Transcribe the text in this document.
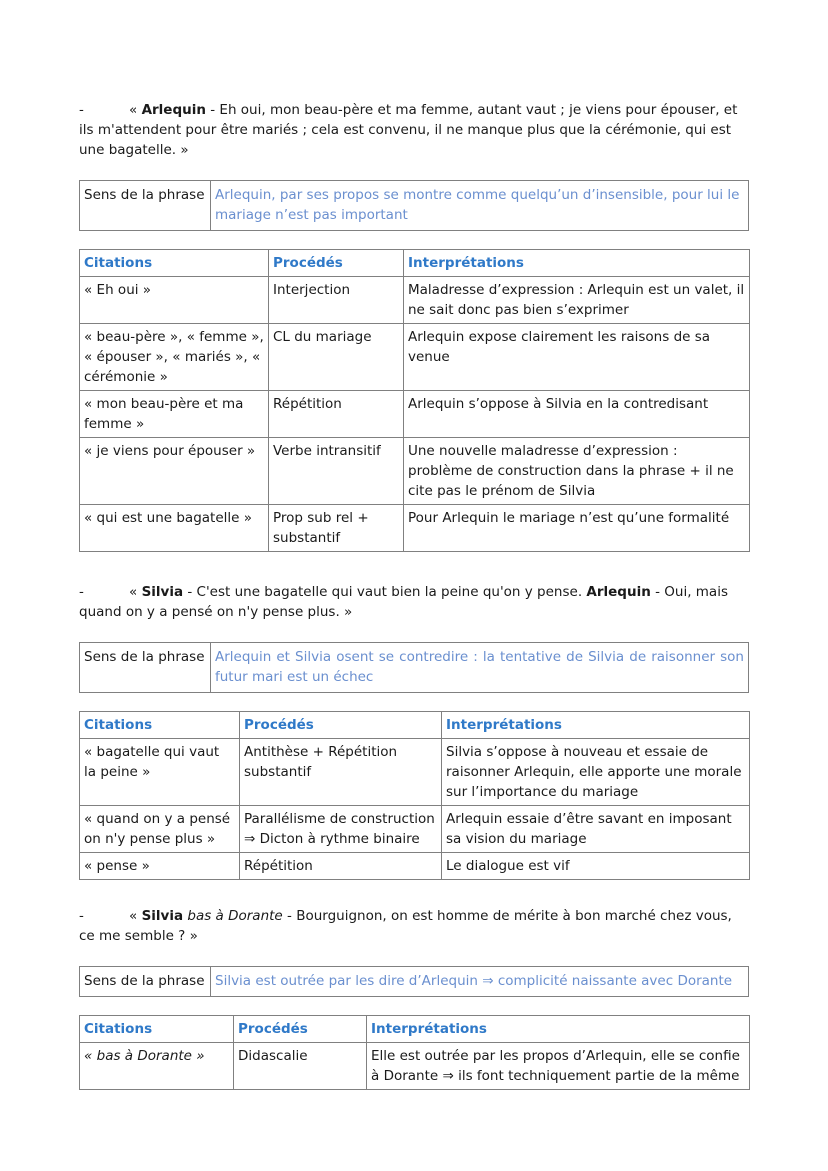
-	« Arlequin - Eh oui, mon beau-père et ma femme, autant vaut ; je viens pour épouser, et ils m'attendent pour être mariés ; cela est convenu, il ne manque plus que la cérémonie, qui est une bagatelle. »

Sens de la phrase	Arlequin, par ses propos se montre comme quelqu’un d’insensible, pour lui le mariage n’est pas important
Citations	Procédés	Interprétations
« Eh oui »	Interjection	Maladresse d’expression : Arlequin est un valet, il ne sait donc pas bien s’exprimer
« beau-père », « femme », « épouser », « mariés », « cérémonie »	CL du mariage	Arlequin expose clairement les raisons de sa venue
« mon beau-père et ma femme »	Répétition	Arlequin s’oppose à Silvia en la contredisant
« je viens pour épouser »	Verbe intransitif	Une nouvelle maladresse d’expression : problème de construction dans la phrase + il ne cite pas le prénom de Silvia
« qui est une bagatelle »	Prop sub rel + substantif	Pour Arlequin le mariage n’est qu’une formalité
-	« Silvia - C'est une bagatelle qui vaut bien la peine qu'on y pense. Arlequin - Oui, mais quand on y a pensé on n'y pense plus. »

Sens de la phrase	Arlequin et Silvia osent se contredire : la tentative de Silvia de raisonner son futur mari est un échec
Citations	Procédés	Interprétations
« bagatelle qui vaut la peine »	Antithèse + Répétition substantif	Silvia s’oppose à nouveau et essaie de raisonner Arlequin, elle apporte une morale sur l’importance du mariage
« quand on y a pensé on n'y pense plus »	Parallélisme de construction ⇒ Dicton à rythme binaire	Arlequin essaie d’être savant en imposant sa vision du mariage
« pense »	Répétition	Le dialogue est vif
-	« Silvia bas à Dorante - Bourguignon, on est homme de mérite à bon marché chez vous, ce me semble ? »

Sens de la phrase	Silvia est outrée par les dire d’Arlequin ⇒ complicité naissante avec Dorante
Citations	Procédés	Interprétations
« bas à Dorante »	Didascalie	Elle est outrée par les propos d’Arlequin, elle se confie à Dorante ⇒ ils font techniquement partie de la même
